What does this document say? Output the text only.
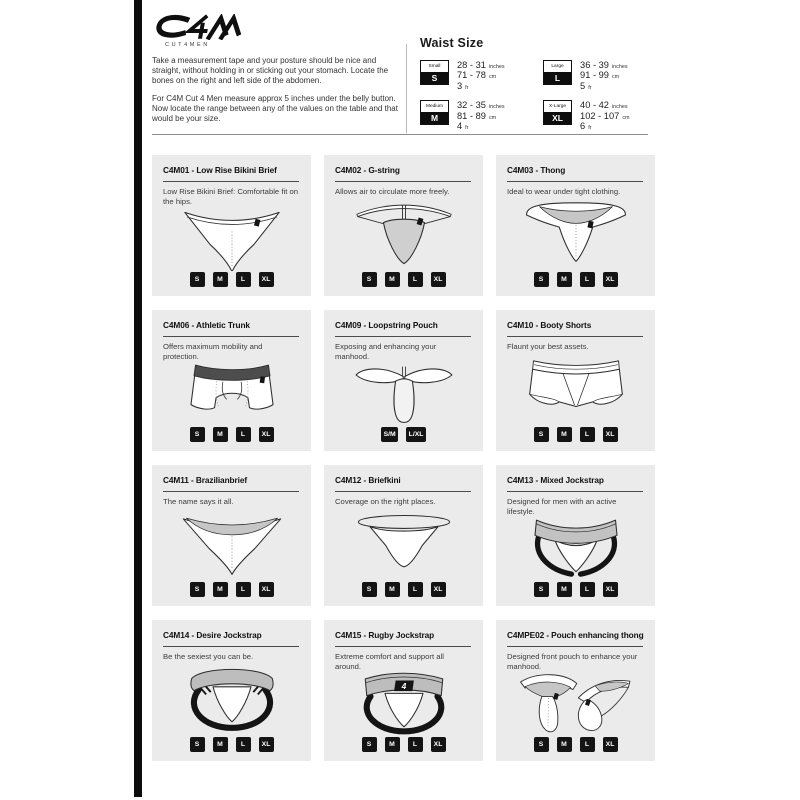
CUT4MEN

Take a measurement tape and your posture should be nice and straight, without holding in or sticking out your stomach. Locate the bones on the right and left side of the abdomen.

For C4M Cut 4 Men measure approx 5 inches under the belly button. Now locate the range between any of the values on the table and that would be your size.

Waist Size
Small
S
28 - 31 inches
71 - 78 cm
3 fr
Medium
M
32 - 35 inches
81 - 89 cm
4 fr
Large
L
36 - 39 inches
91 - 99 cm
5 fr
X-Large
XL
40 - 42 inches
102 - 107 cm
6 fr
C4M01 - Low Rise Bikini Brief

Low Rise Bikini Brief: Comfortable fit on the hips.

S	M	L	XL
C4M02 - G-string

Allows air to circulate more freely.

S	M	L	XL
C4M03 - Thong

Ideal to wear under tight clothing.

S	M	L	XL
C4M06 - Athletic Trunk

Offers maximum mobility and protection.

S	M	L	XL
C4M09 - Loopstring Pouch

Exposing and enhancing your manhood.

S/M	L/XL
C4M10 - Booty Shorts

Flaunt your best assets.

S	M	L	XL
C4M11 - Brazilianbrief

The name says it all.

S	M	L	XL
C4M12 - Briefkini

Coverage on the right places.

S	M	L	XL
C4M13 - Mixed Jockstrap

Designed for men with an active lifestyle.

S	M	L	XL
C4M14 - Desire Jockstrap

Be the sexiest you can be.

S	M	L	XL
C4M15 - Rugby Jockstrap

Extreme comfort and support all around.

4
S	M	L	XL
C4MPE02 - Pouch enhancing thong

Designed front pouch to enhance your manhood.

S	M	L	XL
